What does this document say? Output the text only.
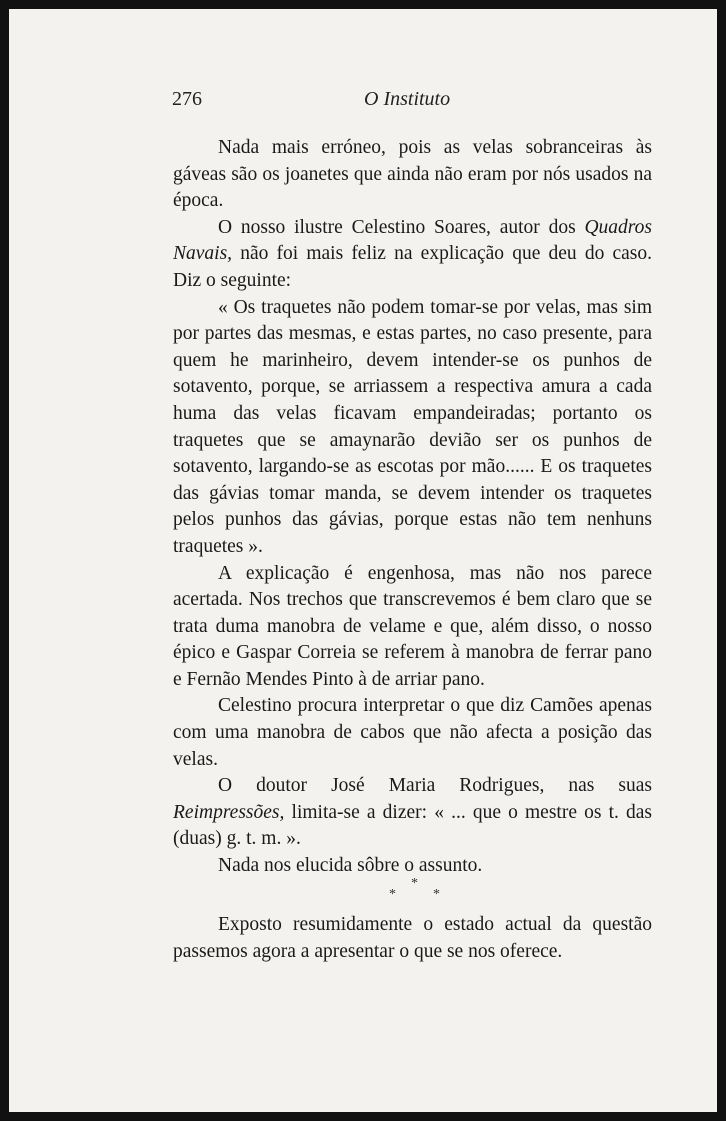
276	O Instituto

Nada mais erróneo, pois as velas sobranceiras às gáveas são os joanetes que ainda não eram por nós usados na época.

O nosso ilustre Celestino Soares, autor dos Quadros Navais, não foi mais feliz na explicação que deu do caso. Diz o seguinte:

« Os traquetes não podem tomar-se por velas, mas sim por partes das mesmas, e estas partes, no caso presente, para quem he marinheiro, devem intender-se os punhos de sotavento, porque, se arriassem a respectiva amura a cada huma das velas ficavam empandeiradas; portanto os traquetes que se amaynarão devião ser os punhos de sotavento, largando-se as escotas por mão...... E os traquetes das gávias tomar manda, se devem intender os traquetes pelos punhos das gávias, porque estas não tem nenhuns traquetes ».

A explicação é engenhosa, mas não nos parece acertada. Nos trechos que transcrevemos é bem claro que se trata duma manobra de velame e que, além disso, o nosso épico e Gaspar Correia se referem à manobra de ferrar pano e Fernão Mendes Pinto à de arriar pano.

Celestino procura interpretar o que diz Camões apenas com uma manobra de cabos que não afecta a posição das velas.

O doutor José Maria Rodrigues, nas suas Reimpressões, limita-se a dizer: « ... que o mestre os t. das (duas) g. t. m. ».

Nada nos elucida sôbre o assunto.

*
*	*

Exposto resumidamente o estado actual da questão passemos agora a apresentar o que se nos oferece.
